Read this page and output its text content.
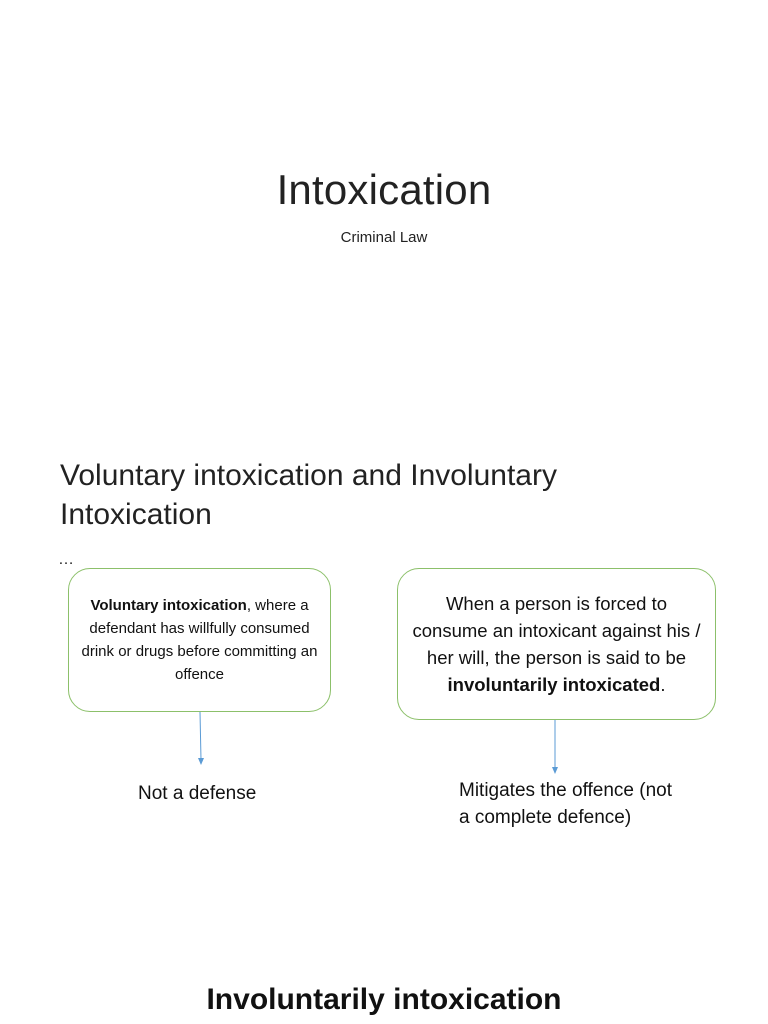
Intoxication
Criminal Law
Voluntary intoxication and Involuntary Intoxication
…
Voluntary intoxication, where a defendant has willfully consumed drink or drugs before committing an offence
When a person is forced to consume an intoxicant against his / her will, the person is said to be involuntarily intoxicated.
Not a defense	Mitigates the offence (not a complete defence)
Involuntarily intoxication
